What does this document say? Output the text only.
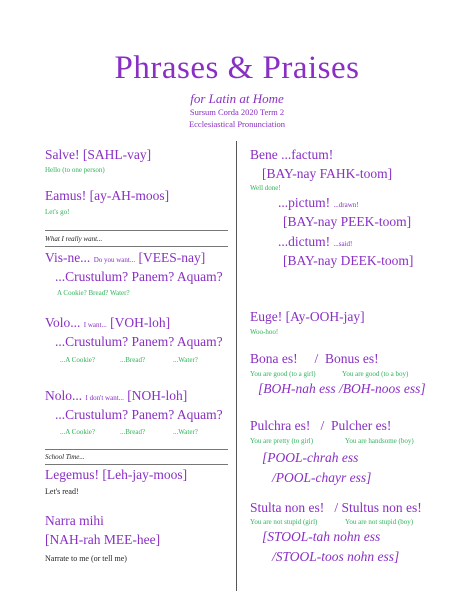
Phrases & Praises
for Latin at Home
Sursum Corda 2020 Term 2
Ecclesiastical Pronunciation
Salve! [SAHL-vay]
Hello (to one person)
Eamus! [ay-AH-moos]
Let's go!
What I really want...
Vis-ne... Do you want... [VEES-nay]
...Crustulum? Panem? Aquam?
A Cookie? Bread? Water?
Volo... I want... [VOH-loh]
...Crustulum? Panem? Aquam?
...A Cookie?	...Bread?	...Water?
Nolo... I don't want... [NOH-loh]
...Crustulum? Panem? Aquam?
...A Cookie?	...Bread?	...Water?
School Time...
Legemus! [Leh-jay-moos]
Let's read!
Narra mihi
[NAH-rah MEE-hee]
Narrate to me (or tell me)
Bene ...factum!
[BAY-nay FAHK-toom]
Well done!
...pictum! ...drawn!
[BAY-nay PEEK-toom]
...dictum! ...said!
[BAY-nay DEEK-toom]
Euge! [Ay-OOH-jay]
Woo-hoo!
Bona es! / Bonus es!
You are good (to a girl)	You are good (to a boy)
[BOH-nah ess /BOH-noos ess]
Pulchra es! / Pulcher es!
You are pretty (to girl)	You are handsome (boy)
[POOL-chrah ess
/POOL-chayr ess]
Stulta non es! / Stultus non es!
You are not stupid (girl)	You are not stupid (boy)
[STOOL-tah nohn ess
/STOOL-toos nohn ess]
